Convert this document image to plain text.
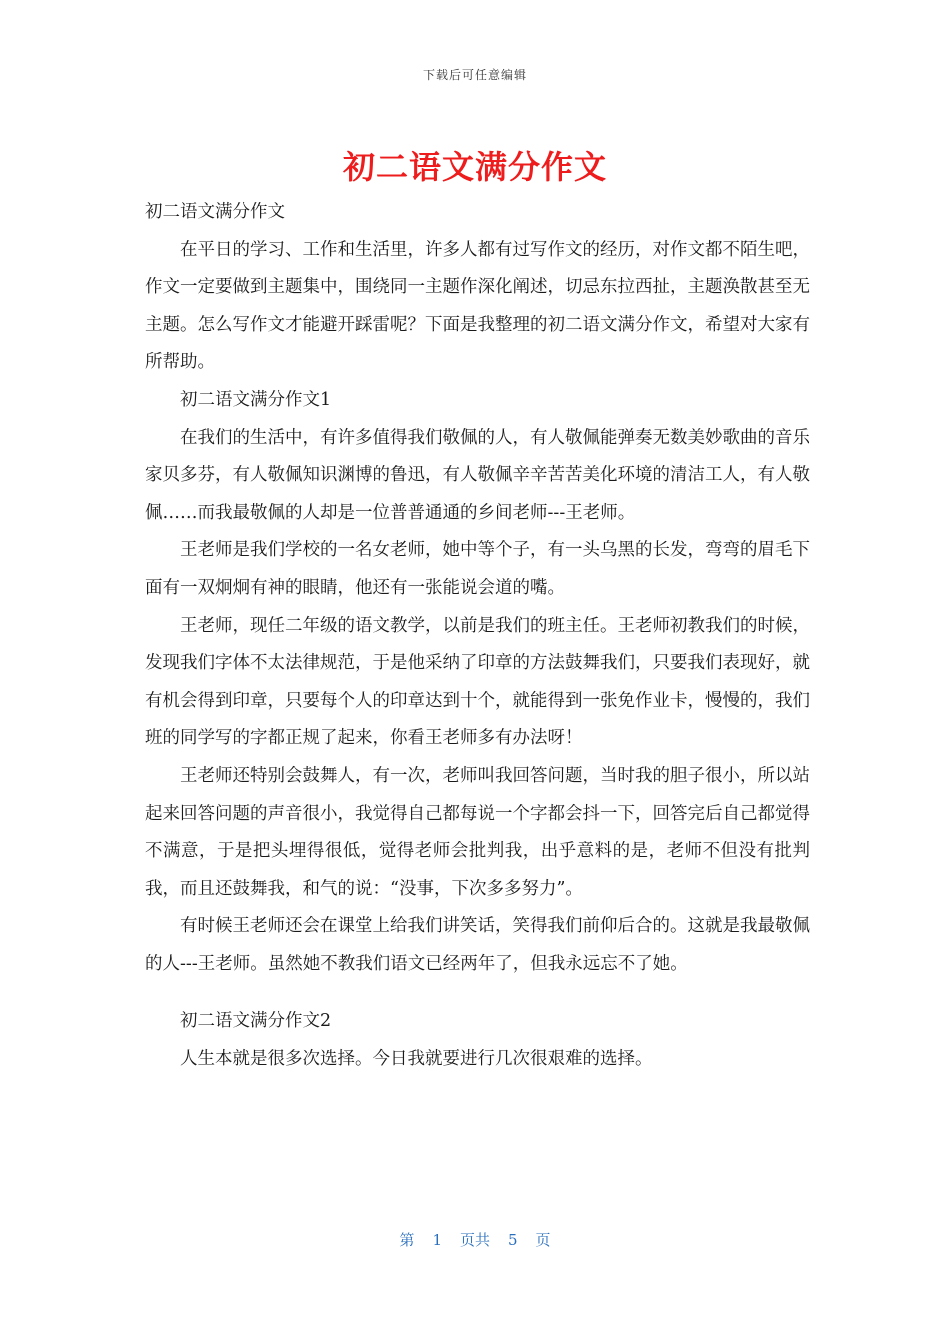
下载后可任意编辑
初二语文满分作文

初二语文满分作文

在平日的学习、工作和生活里，许多人都有过写作文的经历，对作文都不陌生吧，作文一定要做到主题集中，围绕同一主题作深化阐述，切忌东拉西扯，主题涣散甚至无主题。怎么写作文才能避开踩雷呢？下面是我整理的初二语文满分作文，希望对大家有所帮助。

初二语文满分作文1

在我们的生活中，有许多值得我们敬佩的人，有人敬佩能弹奏无数美妙歌曲的音乐家贝多芬，有人敬佩知识渊博的鲁迅，有人敬佩辛辛苦苦美化环境的清洁工人，有人敬佩……而我最敬佩的人却是一位普普通通的乡间老师---王老师。

王老师是我们学校的一名女老师，她中等个子，有一头乌黑的长发，弯弯的眉毛下面有一双炯炯有神的眼睛，他还有一张能说会道的嘴。

王老师，现任二年级的语文教学，以前是我们的班主任。王老师初教我们的时候，发现我们字体不太法律规范，于是他采纳了印章的方法鼓舞我们，只要我们表现好，就有机会得到印章，只要每个人的印章达到十个，就能得到一张免作业卡，慢慢的，我们班的同学写的字都正规了起来，你看王老师多有办法呀！

王老师还特别会鼓舞人，有一次，老师叫我回答问题，当时我的胆子很小，所以站起来回答问题的声音很小，我觉得自己都每说一个字都会抖一下，回答完后自己都觉得不满意，于是把头埋得很低，觉得老师会批判我，出乎意料的是，老师不但没有批判我，而且还鼓舞我，和气的说：“没事，下次多多努力”。

有时候王老师还会在课堂上给我们讲笑话，笑得我们前仰后合的。这就是我最敬佩的人---王老师。虽然她不教我们语文已经两年了，但我永远忘不了她。

初二语文满分作文2

人生本就是很多次选择。今日我就要进行几次很艰难的选择。

第 1 页共 5 页
